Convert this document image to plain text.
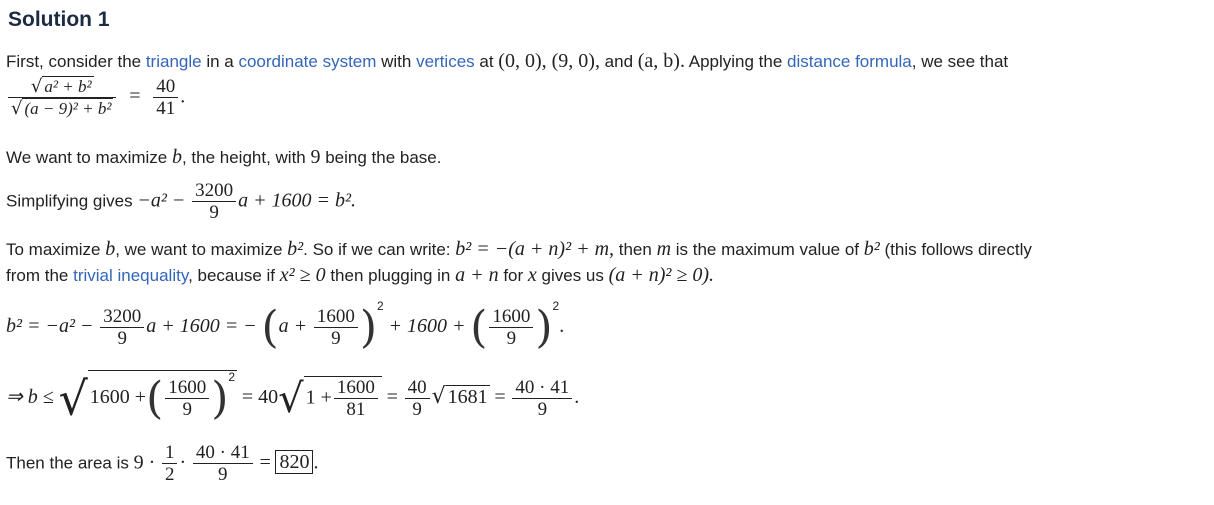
Solution 1
First, consider the triangle in a coordinate system with vertices at (0, 0), (9, 0), and (a, b). Applying the distance formula, we see that
$\frac{\text{√ a² + b²}}{\text{√ (a − 9)² + b²}} = \frac{40}{41}$ .
We want to maximize b, the height, with 9 being the base.
Simplifying gives $-a^2 - \frac{3200}{9}$ a + 1600 = b².
To maximize b, we want to maximize b². So if we can write: b² = −(a + n)² + m, then m is the maximum value of b² (this follows directly
from the trivial inequality, because if x² ≥ 0 then plugging in a + n for x gives us (a + n)² ≥ 0).
$b^2 = -a^2 - \frac{3200}{9}$ a + 1600 = − $(a + \frac{1600}{9} )^2 + 1600$ + ( $\frac{1600}{9} )^2$.
⇒ b ≤ √ 1600 +( $\frac{1600}{9} )^2 = 40√$ $1 + \frac{1600}{81} = \frac{40}{9}$ √ $1681 = \frac{40 \cdot 41}{9}$ .
Then the area is $9 \cdot \frac{1}{2} \cdot \frac{40 \cdot 41}{9} = 820$ .
